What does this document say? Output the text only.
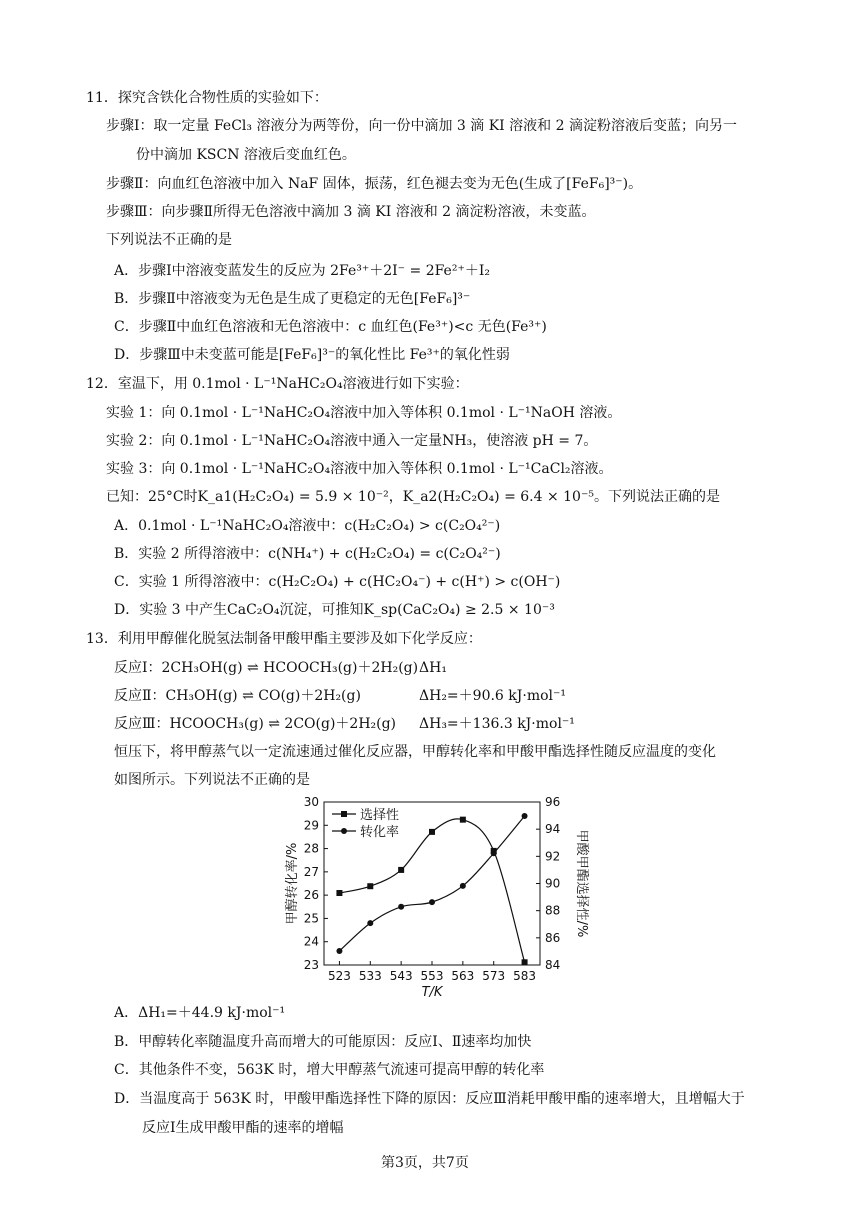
11．探究含铁化合物性质的实验如下：
步骤Ⅰ：取一定量 FeCl₃ 溶液分为两等份，向一份中滴加 3 滴 KI 溶液和 2 滴淀粉溶液后变蓝；向另一
份中滴加 KSCN 溶液后变血红色。
步骤Ⅱ：向血红色溶液中加入 NaF 固体，振荡，红色褪去变为无色(生成了[FeF₆]³⁻)。
步骤Ⅲ：向步骤Ⅱ所得无色溶液中滴加 3 滴 KI 溶液和 2 滴淀粉溶液，未变蓝。
下列说法不正确的是
A．步骤Ⅰ中溶液变蓝发生的反应为 2Fe³⁺＋2I⁻ = 2Fe²⁺＋I₂
B．步骤Ⅱ中溶液变为无色是生成了更稳定的无色[FeF₆]³⁻
C．步骤Ⅱ中血红色溶液和无色溶液中：c 血红色(Fe³⁺)<c 无色(Fe³⁺)
D．步骤Ⅲ中未变蓝可能是[FeF₆]³⁻的氧化性比 Fe³⁺的氧化性弱
12．室温下，用 0.1mol · L⁻¹NaHC₂O₄溶液进行如下实验：
实验 1：向 0.1mol · L⁻¹NaHC₂O₄溶液中加入等体积 0.1mol · L⁻¹NaOH 溶液。
实验 2：向 0.1mol · L⁻¹NaHC₂O₄溶液中通入一定量NH₃，使溶液 pH = 7。
实验 3：向 0.1mol · L⁻¹NaHC₂O₄溶液中加入等体积 0.1mol · L⁻¹CaCl₂溶液。
已知：25°C时K_a1(H₂C₂O₄) = 5.9 × 10⁻²，K_a2(H₂C₂O₄) = 6.4 × 10⁻⁵。下列说法正确的是
A．0.1mol · L⁻¹NaHC₂O₄溶液中：c(H₂C₂O₄) > c(C₂O₄²⁻)
B．实验 2 所得溶液中：c(NH₄⁺) + c(H₂C₂O₄) = c(C₂O₄²⁻)
C．实验 1 所得溶液中：c(H₂C₂O₄) + c(HC₂O₄⁻) + c(H⁺) > c(OH⁻)
D．实验 3 中产生CaC₂O₄沉淀，可推知K_sp(CaC₂O₄) ≥ 2.5 × 10⁻³
13．利用甲醇催化脱氢法制备甲酸甲酯主要涉及如下化学反应：
反应Ⅰ：2CH₃OH(g) ⇌ HCOOCH₃(g)＋2H₂(g) ΔH₁
反应Ⅱ：CH₃OH(g) ⇌ CO(g)＋2H₂(g)	ΔH₂=＋90.6 kJ·mol⁻¹
反应Ⅲ：HCOOCH₃(g) ⇌ 2CO(g)＋2H₂(g) ΔH₃=＋136.3 kJ·mol⁻¹
恒压下，将甲醇蒸气以一定流速通过催化反应器，甲醇转化率和甲酸甲酯选择性随反应温度的变化
如图所示。下列说法不正确的是
523 533 543 553 563 573 583
T/K
23
24
25
26
27
28
29
30
84
86
88
90
92
94
96
甲醇转化率/%	甲酸甲酯选择性/%
选择性
转化率
A．ΔH₁=＋44.9 kJ·mol⁻¹
B．甲醇转化率随温度升高而增大的可能原因：反应Ⅰ、Ⅱ速率均加快
C．其他条件不变，563K 时，增大甲醇蒸气流速可提高甲醇的转化率
D．当温度高于 563K 时，甲酸甲酯选择性下降的原因：反应Ⅲ消耗甲酸甲酯的速率增大，且增幅大于
反应Ⅰ生成甲酸甲酯的速率的增幅
第3页，共7页
